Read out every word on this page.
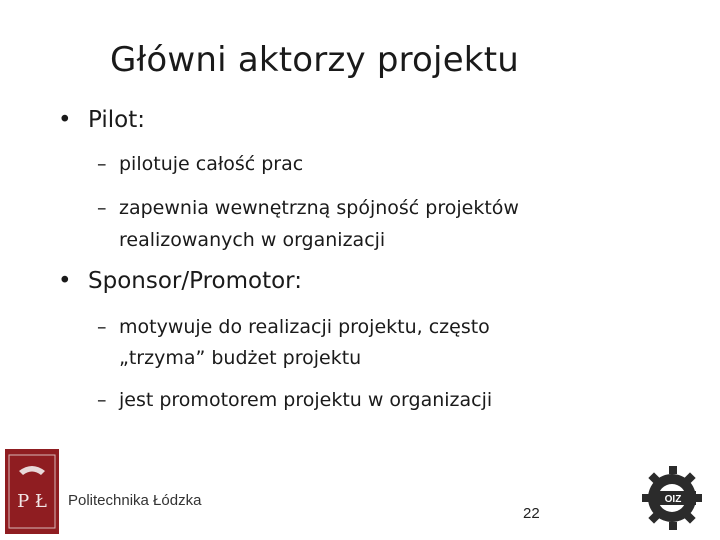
Główni aktorzy projektu
• Pilot:
– pilotuje całość prac
– zapewnia wewnętrzną spójność projektów
realizowanych w organizacji
• Sponsor/Promotor:
– motywuje do realizacji projektu, często
„trzyma” budżet projektu
– jest promotorem projektu w organizacji
P Ł Politechnika Łódzka
22
OIZ
